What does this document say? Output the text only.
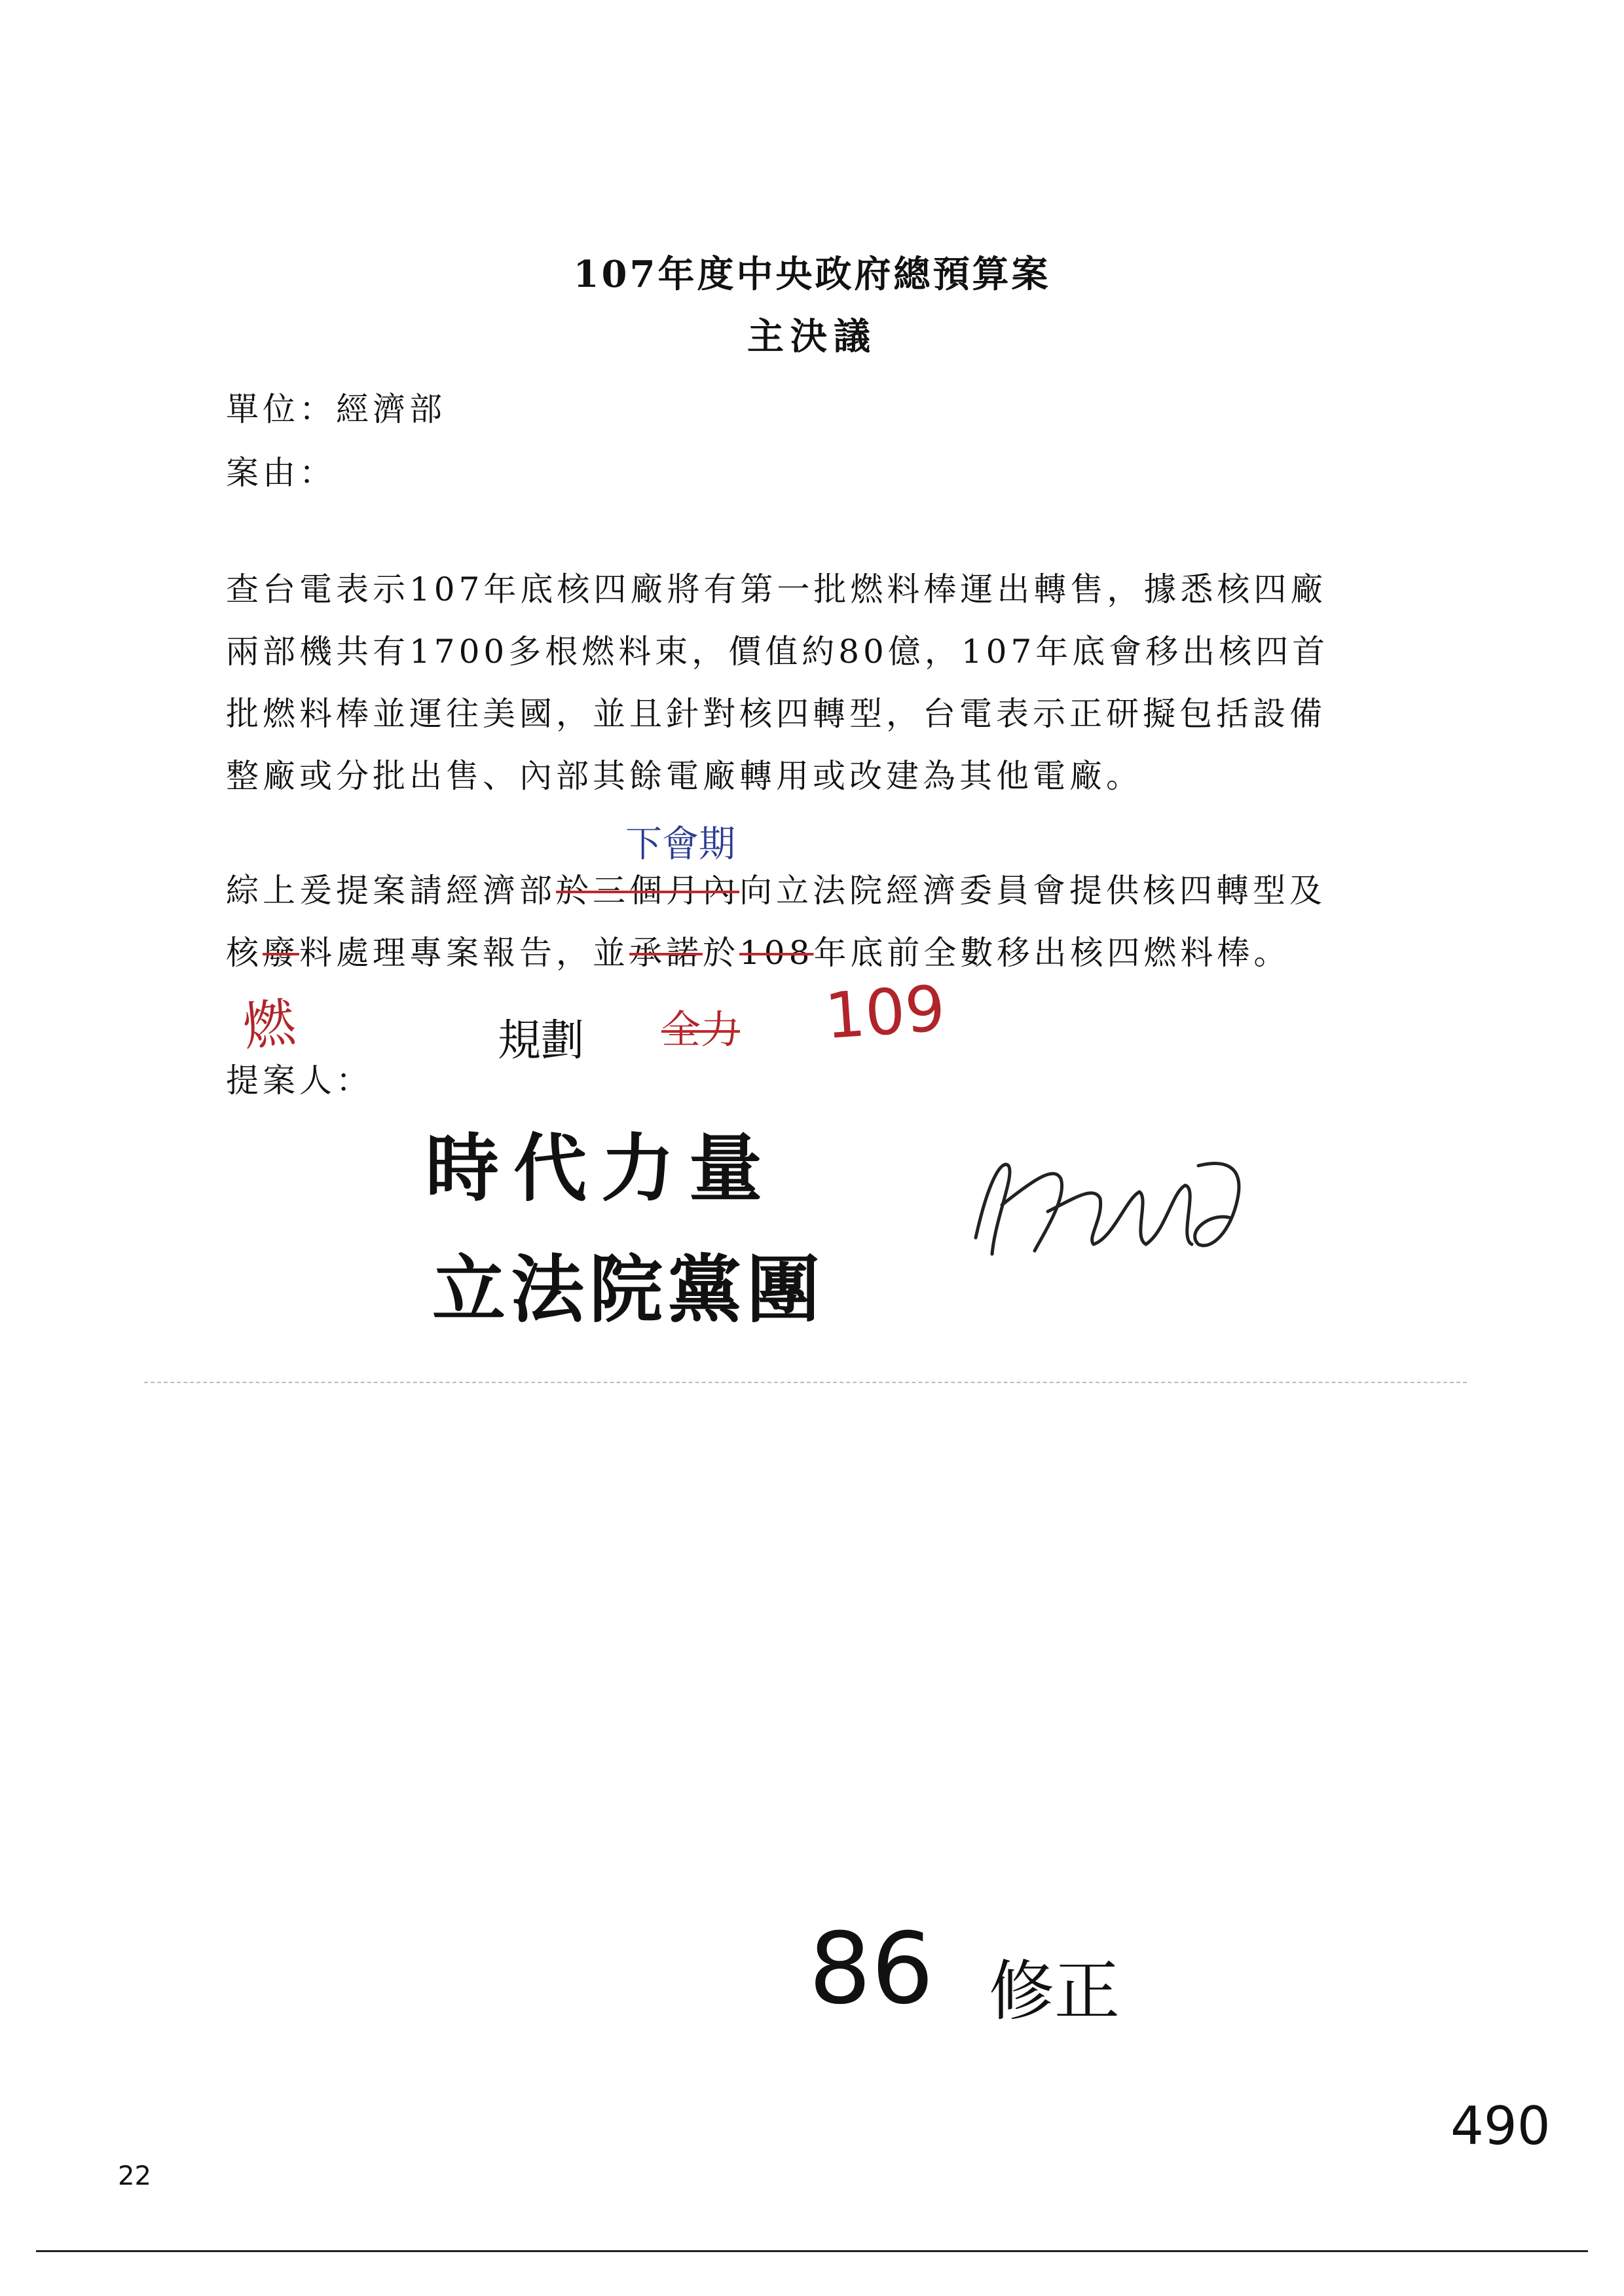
107年度中央政府總預算案
主決議
單位：經濟部
案由：
查台電表示107年底核四廠將有第一批燃料棒運出轉售，據悉核四廠
兩部機共有1700多根燃料束，價值約80億，107年底會移出核四首
批燃料棒並運往美國，並且針對核四轉型，台電表示正研擬包括設備
整廠或分批出售、內部其餘電廠轉用或改建為其他電廠。
下會期
綜上爰提案請經濟部於三個月內向立法院經濟委員會提供核四轉型及
核廢料處理專案報告，並承諾於108年底前全數移出核四燃料棒。
燃	規劃 全力 109
提案人：
時代力量
立法院黨團
86 修正
490
22
